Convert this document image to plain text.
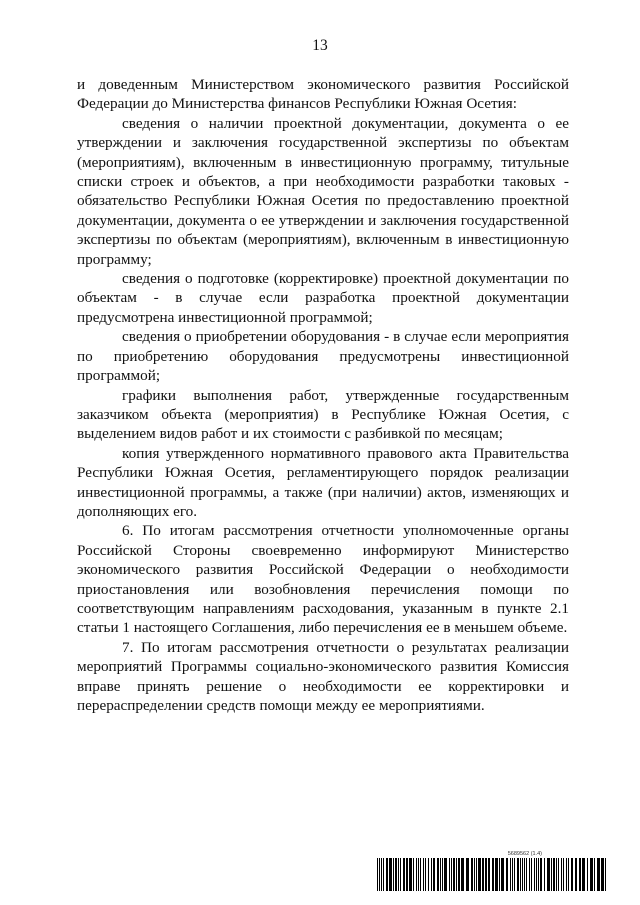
13

и доведенным Министерством экономического развития Российской Федерации до Министерства финансов Республики Южная Осетия:

сведения о наличии проектной документации, документа о ее утверждении и заключения государственной экспертизы по объектам (мероприятиям), включенным в инвестиционную программу, титульные списки строек и объектов, а при необходимости разработки таковых - обязательство Республики Южная Осетия по предоставлению проектной документации, документа о ее утверждении и заключения государственной экспертизы по объектам (мероприятиям), включенным в инвестиционную программу;

сведения о подготовке (корректировке) проектной документации по объектам - в случае если разработка проектной документации предусмотрена инвестиционной программой;

сведения о приобретении оборудования - в случае если мероприятия по приобретению оборудования предусмотрены инвестиционной программой;

графики выполнения работ, утвержденные государственным заказчиком объекта (мероприятия) в Республике Южная Осетия, с выделением видов работ и их стоимости с разбивкой по месяцам;

копия утвержденного нормативного правового акта Правительства Республики Южная Осетия, регламентирующего порядок реализации инвестиционной программы, а также (при наличии) актов, изменяющих и дополняющих его.

6. По итогам рассмотрения отчетности уполномоченные органы Российской Стороны своевременно информируют Министерство экономического развития Российской Федерации о необходимости приостановления или возобновления перечисления помощи по соответствующим направлениям расходования, указанным в пункте 2.1 статьи 1 настоящего Соглашения, либо перечисления ее в меньшем объеме.

7. По итогам рассмотрения отчетности о результатах реализации мероприятий Программы социально-экономического развития Комиссия вправе принять решение о необходимости ее корректировки и перераспределении средств помощи между ее мероприятиями.

5689562 (1.4)
